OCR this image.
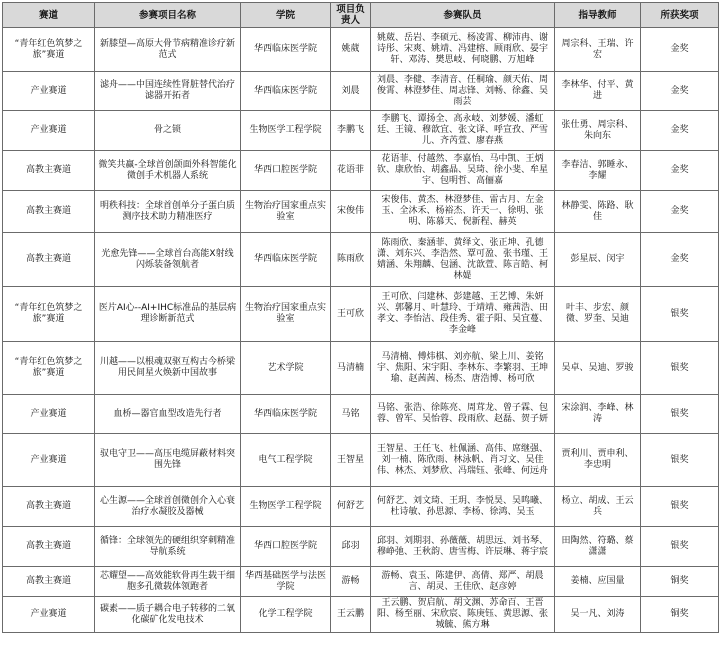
赛道	参赛项目名称	学院	项目负责人	参赛队员	指导教师	所获奖项
“青年红色筑梦之旅”赛道	新膝望—高原大骨节病精准诊疗新范式	华西临床医学院	姚葳	姚葳、岳岩、李硕元、杨凌霄、柳沛冉、谢诗彤、宋爽、姚靖、冯建榕、顾雨欣、晏宇轩、邓涛、樊思岐、何晓鹏、万旭峰	周宗科、王瑞、许宏	金奖
产业赛道	滤舟——中国连续性肾脏替代治疗滤器开拓者	华西临床医学院	刘晨	刘晨、李健、李清音、任桐瑜、颜天佑、周俊霄、林澄梦佳、周志锋、刘畅、徐鑫、吴雨芸	李林华、付平、黄进	金奖
产业赛道	骨之锁	生物医学工程学院	李鹏飞	李鹏飞、谭扬全、高永岐、刘梦媛、潘虹廷、王镜、穆歆宜、张文译、呼宣孜、严雪儿、齐芮萱、廖春燕	张仕勇、周宗科、朱向东	金奖
高教主赛道	微笑共赢-全球首创颌面外科智能化微创手术机器人系统	华西口腔医学院	花语菲	花语菲、付越然、李嘉怡、马中凯、王炳钦、康欣怡、胡鑫晶、吴琦、徐小斐、牟星宇、包明哲、高俪嘉	李春洁、郭睡永、李耀	金奖
高教主赛道	明秩科技：全球首创单分子蛋白质测序技术助力精准医疗	生物治疗国家重点实验室	宋俊伟	宋俊伟、黄杰、林澄梦佳、雷古月、左金玉、全沐禾、杨裕杰、许天一、徐明、张明、陈慕天、倪新程、赫英	林静雯、陈路、耿佳	金奖
高教主赛道	光愈先锋——全球首台高能X射线闪烁装备领航者	华西临床医学院	陈雨欣	陈雨欣、秦涵菲、黄绎文、张正坤、孔德潇、刘东兴、李浩然、覃可盈、张书瑾、王婧涵、朱翔麟、包涵、沈歆萱、陈言皓、柯林媞	彭星辰、闵宇	金奖
“青年红色筑梦之旅”赛道	医片AI心--AI+IHC标准品的基层病理诊断新范式	生物治疗国家重点实验室	王可欣	王可欣、闫建林、彭建越、王艺博、朱妍兴、郭馨月、叶慧玲、于靖靖、雍茜浩、田孝文、李怡洁、段佳秀、霍子阳、吴宜蔓、李金峰	叶丰、步宏、颜微、罗奎、吴迪	银奖
“青年红色筑梦之旅”赛道	川越——以根魂双驱互构古今桥梁 用民间星火焕新中国故事	艺术学院	马清楠	马清楠、傅炜棋、刘亦航、梁上川、姜铭宇、焦阳、宋宇阳、李林东、李繁羽、王坤瑜、赵茜茜、杨杰、唐浩博、杨可欣	吴卓、吴迪、罗骏	银奖
产业赛道	血桥—器官血型改造先行者	华西临床医学院	马铭	马铭、张浩、徐陈亮、周茸龙、曾子霖、包蓉、曾军、吴怡蓉、段雨欣、赵磊、贺子妍	宋涂润、李峰、林涛	银奖
产业赛道	驭电守卫——高压电缆屏蔽材料突围先锋	电气工程学院	王智星	王智星、王任飞、杜佩涵、高伟、席继强、刘一楠、陈欣雨、林泳帆、肖习文、吴佳伟、林杰、刘梦欣、冯瑞钰、张峰、何远舟	贾利川、贾申利、李忠明	银奖
高教主赛道	心生源——全球首创微创介入心衰治疗水凝胶及器械	生物医学工程学院	何舒艺	何舒艺、刘文琦、王玥、李悦昊、吴鸣曦、杜诗敏、孙思源、李杨、徐鸿、吴玉	杨立、胡成、王云兵	银奖
高教主赛道	循锋：全球领先的硬组织穿刺精准导航系统	华西口腔医学院	邱羽	邱羽、刘期羽、孙薇薇、胡思远、刘书琴、穆峥弛、王秋韵、唐雪梅、许辰琳、蒋宇宸	田陶然、符璐、蔡潇潇	银奖
高教主赛道	芯耀望——高效能软骨再生载干细胞多孔微载体领跑者	华西基础医学与法医学院	游畅	游畅、袁玉、陈建伊、高倩、郑严、胡晨言、胡灵、王佳欣、赵彦婷	姜楠、应国量	铜奖
产业赛道	碳素——质子耦合电子转移的二氧化碳矿化发电技术	化学工程学院	王云鹏	王云鹏、贺启航、胡文渊、苏命百、王晋阳、杨至丽、宋欣宸、陈庚钰、黄思源、张城毓、熊方琳	吴一凡、刘涛	铜奖
